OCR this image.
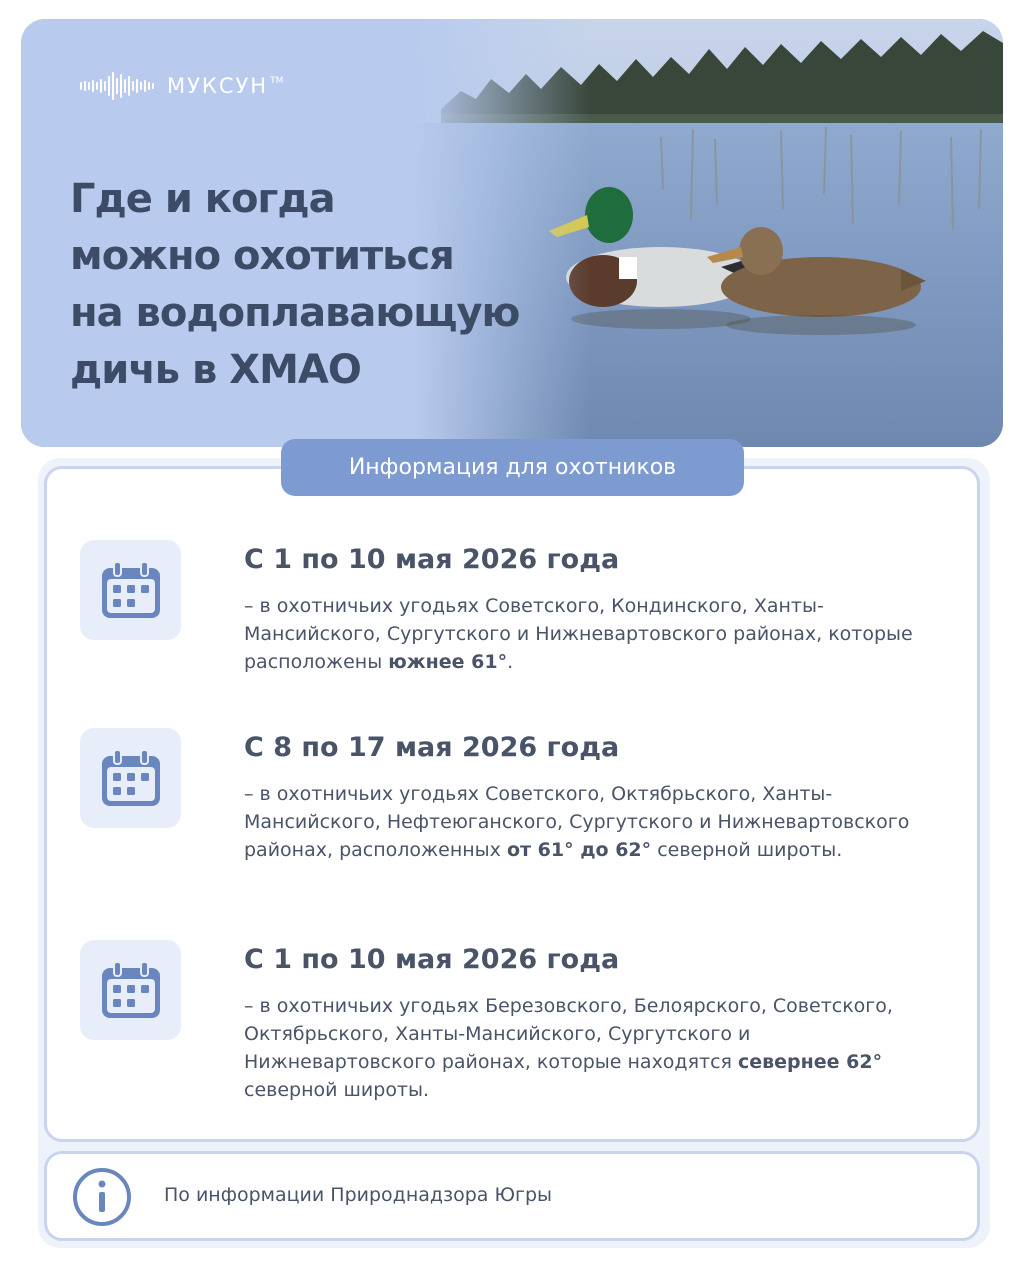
МУКСУН TM
Где и когда
можно охотиться
на водоплавающую
дичь в ХМАО
Информация для охотников
С 1 по 10 мая 2026 года
– в охотничьих угодьях Советского, Кондинского, Ханты-Мансийского, Сургутского и Нижневартовского районах, которые расположены южнее 61°.
С 8 по 17 мая 2026 года
– в охотничьих угодьях Советского, Октябрьского, Ханты-Мансийского, Нефтеюганского, Сургутского и Нижневартовского районах, расположенных от 61° до 62° северной широты.
С 1 по 10 мая 2026 года
– в охотничьих угодьях Березовского, Белоярского, Советского, Октябрьского, Ханты-Мансийского, Сургутского и Нижневартовского районах, которые находятся севернее 62° северной широты.
По информации Природнадзора Югры
